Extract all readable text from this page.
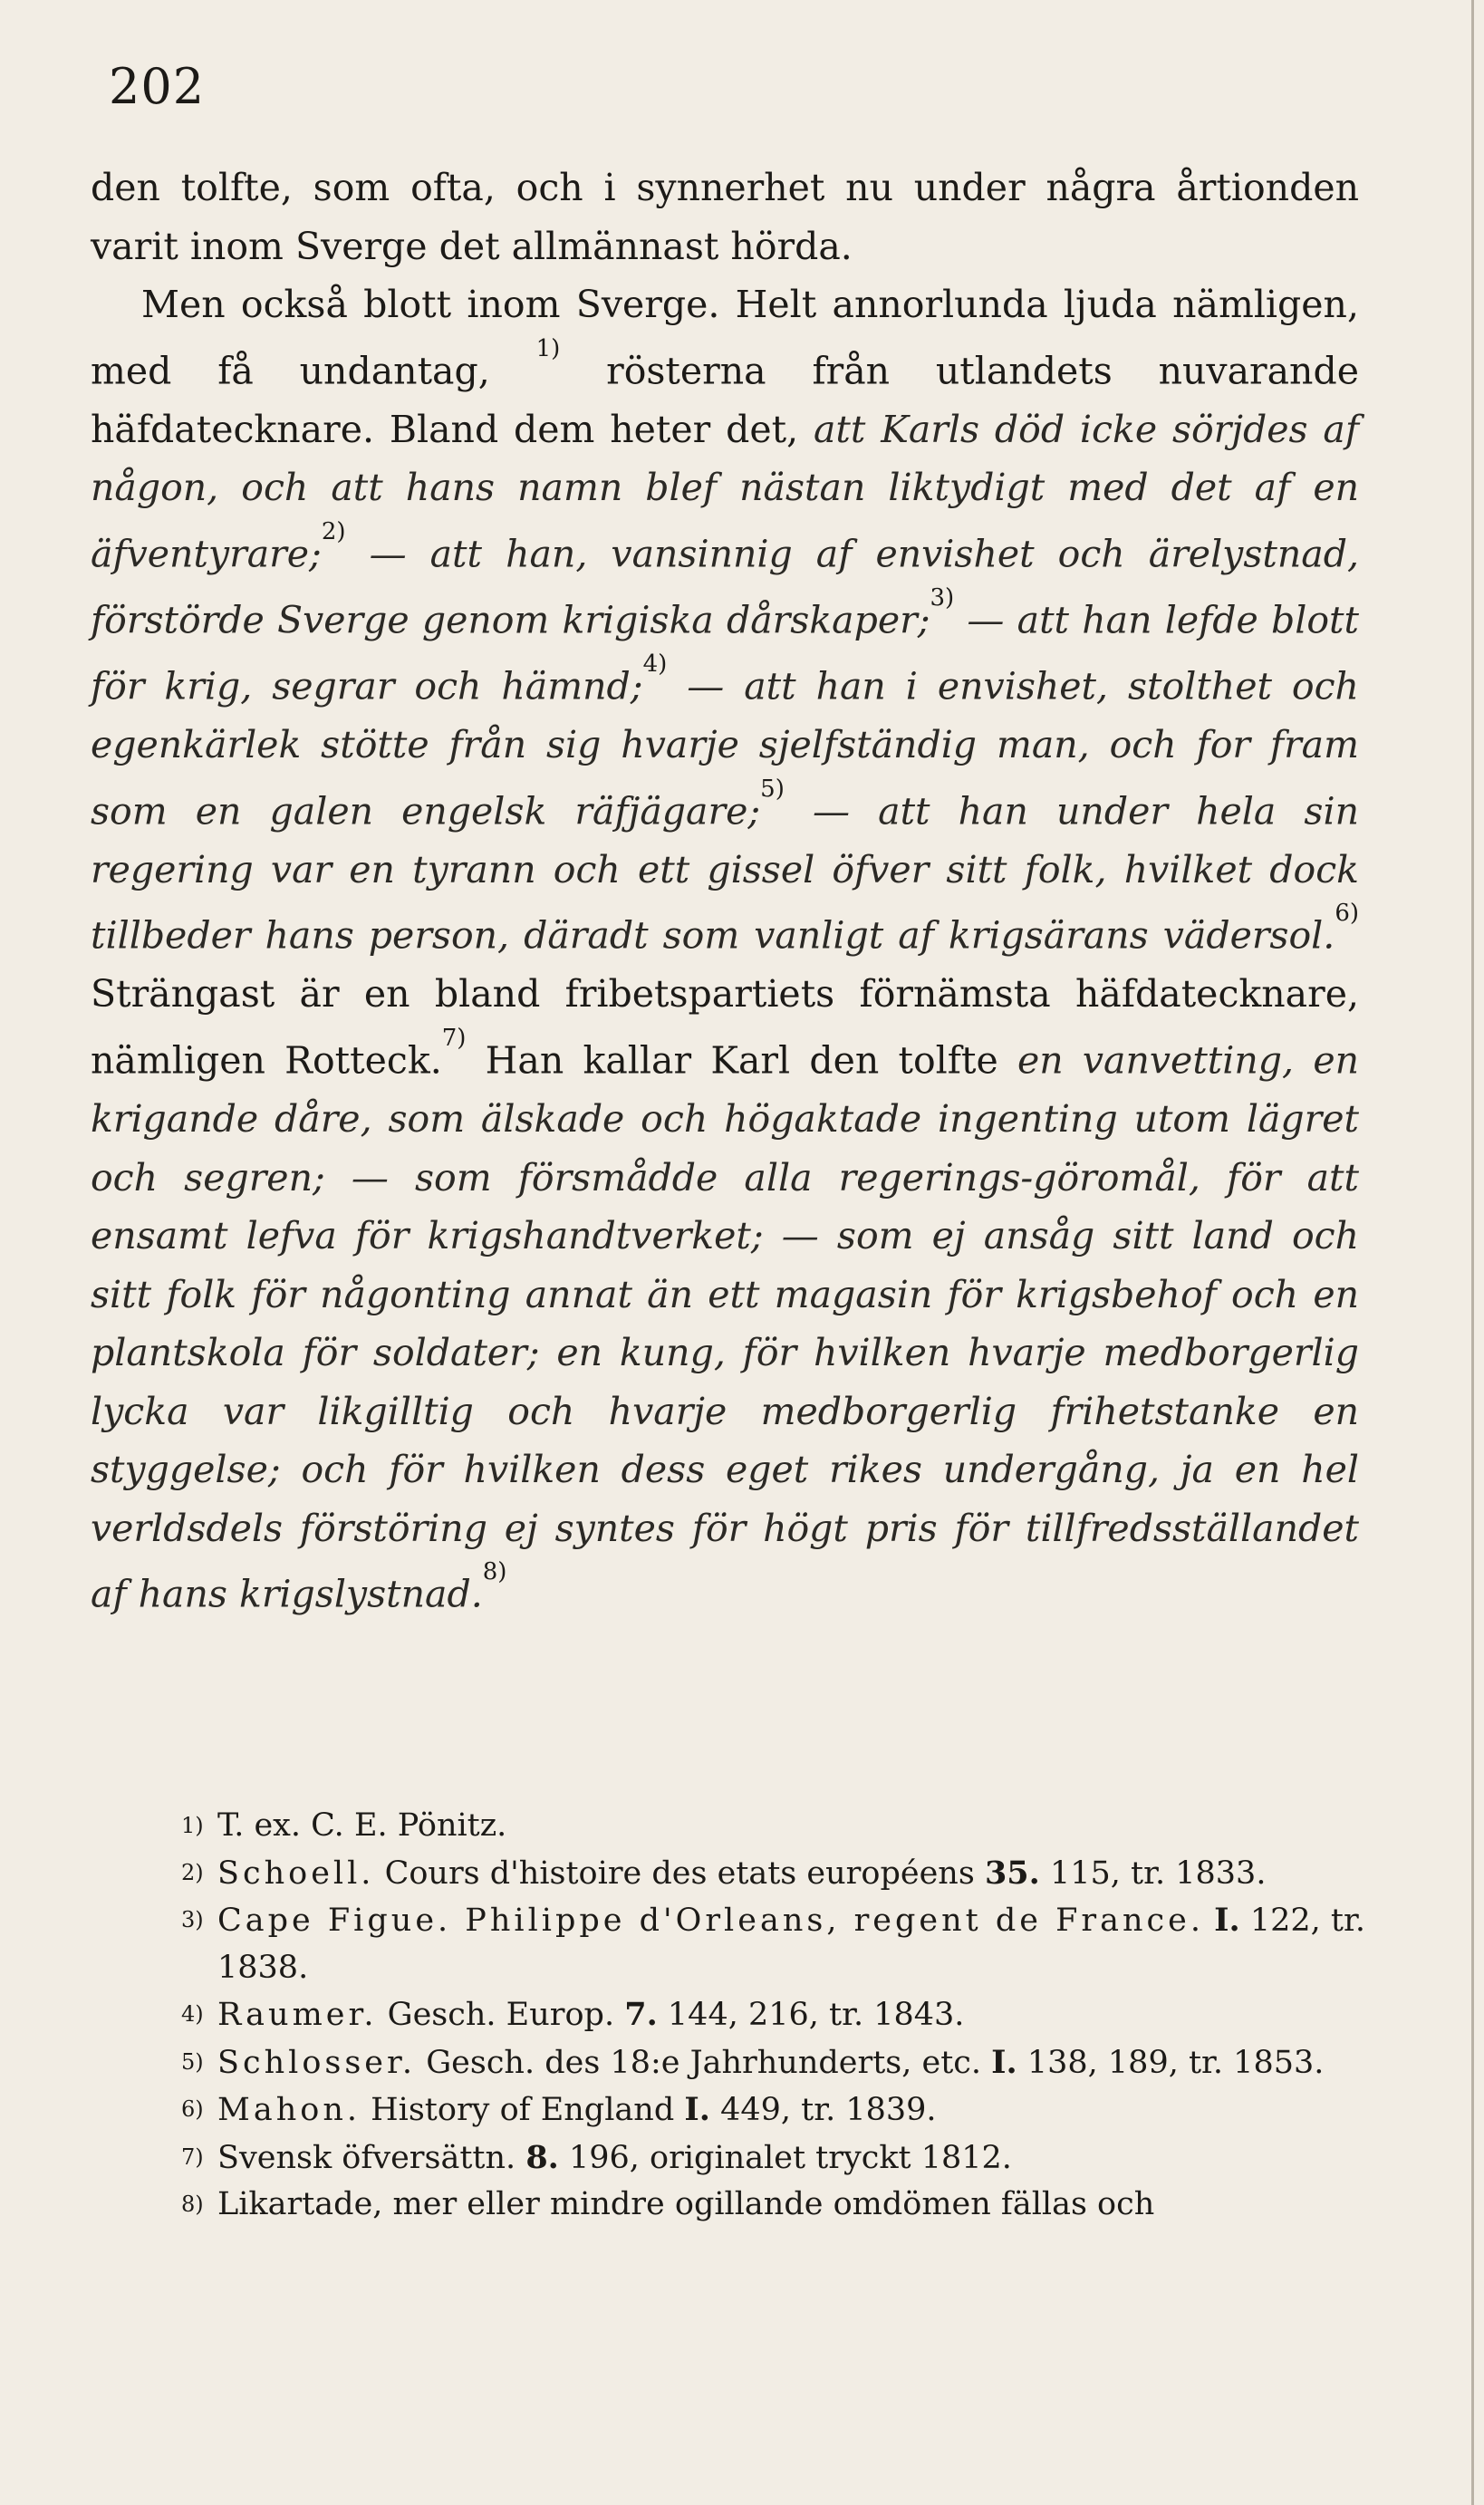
202

den tolfte, som ofta, och i synnerhet nu under några årtionden varit inom Sverge det allmännast hörda.

Men också blott inom Sverge. Helt annorlunda ljuda nämligen, med få undantag, $^{1)}$ rösterna från utlandets nuvarande häfdatecknare. Bland dem heter det, att Karls död icke sörjdes af någon, och att hans namn blef nästan liktydigt med det af en äfventyrare;$^{2)}$ — att han, vansinnig af envishet och ärelystnad, förstörde Sverge genom krigiska dårskaper;$^{3)}$ — att han lefde blott för krig, segrar och hämnd;$^{4)}$ — att han i envishet, stolthet och egenkärlek stötte från sig hvarje sjelfständig man, och for fram som en galen engelsk räfjägare;$^{5)}$ — att han under hela sin regering var en tyrann och ett gissel öfver sitt folk, hvilket dock tillbeder hans person, däradt som vanligt af krigsärans vädersol.$^{6)}$ Strängast är en bland fribetspartiets förnämsta häfdatecknare, nämligen Rotteck.$^{7)}$ Han kallar Karl den tolfte en vanvetting, en krigande dåre, som älskade och högaktade ingenting utom lägret och segren; — som försmådde alla regerings-göromål, för att ensamt lefva för krigshandtverket; — som ej ansåg sitt land och sitt folk för någonting annat än ett magasin för krigsbehof och en plantskola för soldater; en kung, för hvilken hvarje medborgerlig lycka var likgilltig och hvarje medborgerlig frihetstanke en styggelse; och för hvilken dess eget rikes undergång, ja en hel verldsdels förstöring ej syntes för högt pris för tillfredsställandet af hans krigslystnad.$^{8)}$

1) T. ex. C. E. Pönitz.

2) Schoell. Cours d'histoire des etats européens 35. 115, tr. 1833.

3) Cape Figue. Philippe d'Orleans, regent de France. I. 122, tr. 1838.

4) Raumer. Gesch. Europ. 7. 144, 216, tr. 1843.

5) Schlosser. Gesch. des 18:e Jahrhunderts, etc. I. 138, 189, tr. 1853.

6) Mahon. History of England I. 449, tr. 1839.

7) Svensk öfversättn. 8. 196, originalet tryckt 1812.

8) Likartade, mer eller mindre ogillande omdömen fällas och
